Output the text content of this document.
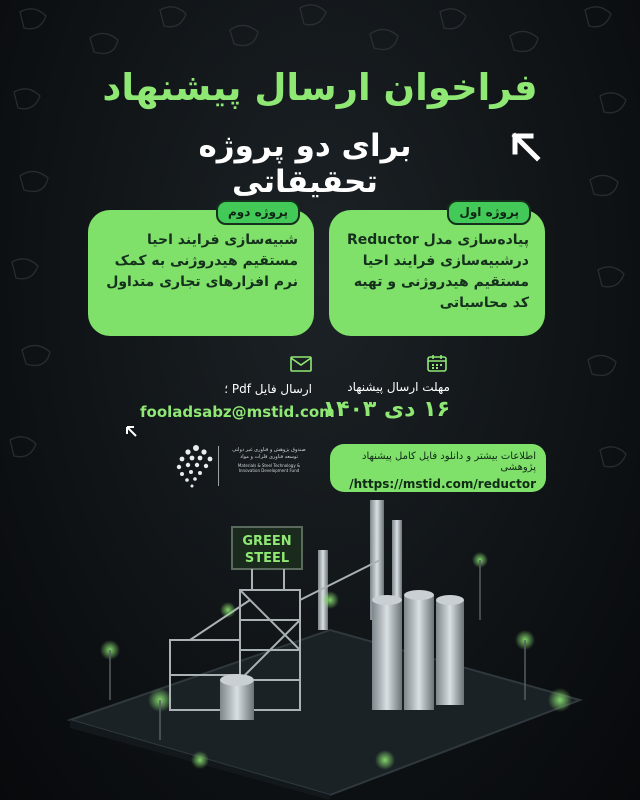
فراخوان ارسال پیشنهاد
برای دو پروژه تحقیقاتی
پروژه اول
پیاده‌سازی مدل Reductor درشبیه‌سازی فرایند احیا مستقیم هیدروژنی و تهیه کد محاسباتی
پروژه دوم
شبیه‌سازی فرایند احیا مستقیم هیدروژنی به کمک نرم افزارهای تجاری متداول
مهلت ارسال پیشنهاد
۱۶ دی ۱۴۰۳
ارسال فایل Pdf ؛
fooladsabz@mstid.com
صندوق پژوهش و فناوری غیر دولتی توسعه فناوری فلزات و مواد
Materials & Steel Technology & Innovation Development Fund
اطلاعات بیشتر و دانلود فایل کامل پیشنهاد پژوهشی
/https://mstid.com/reductor
GREEN
STEEL
